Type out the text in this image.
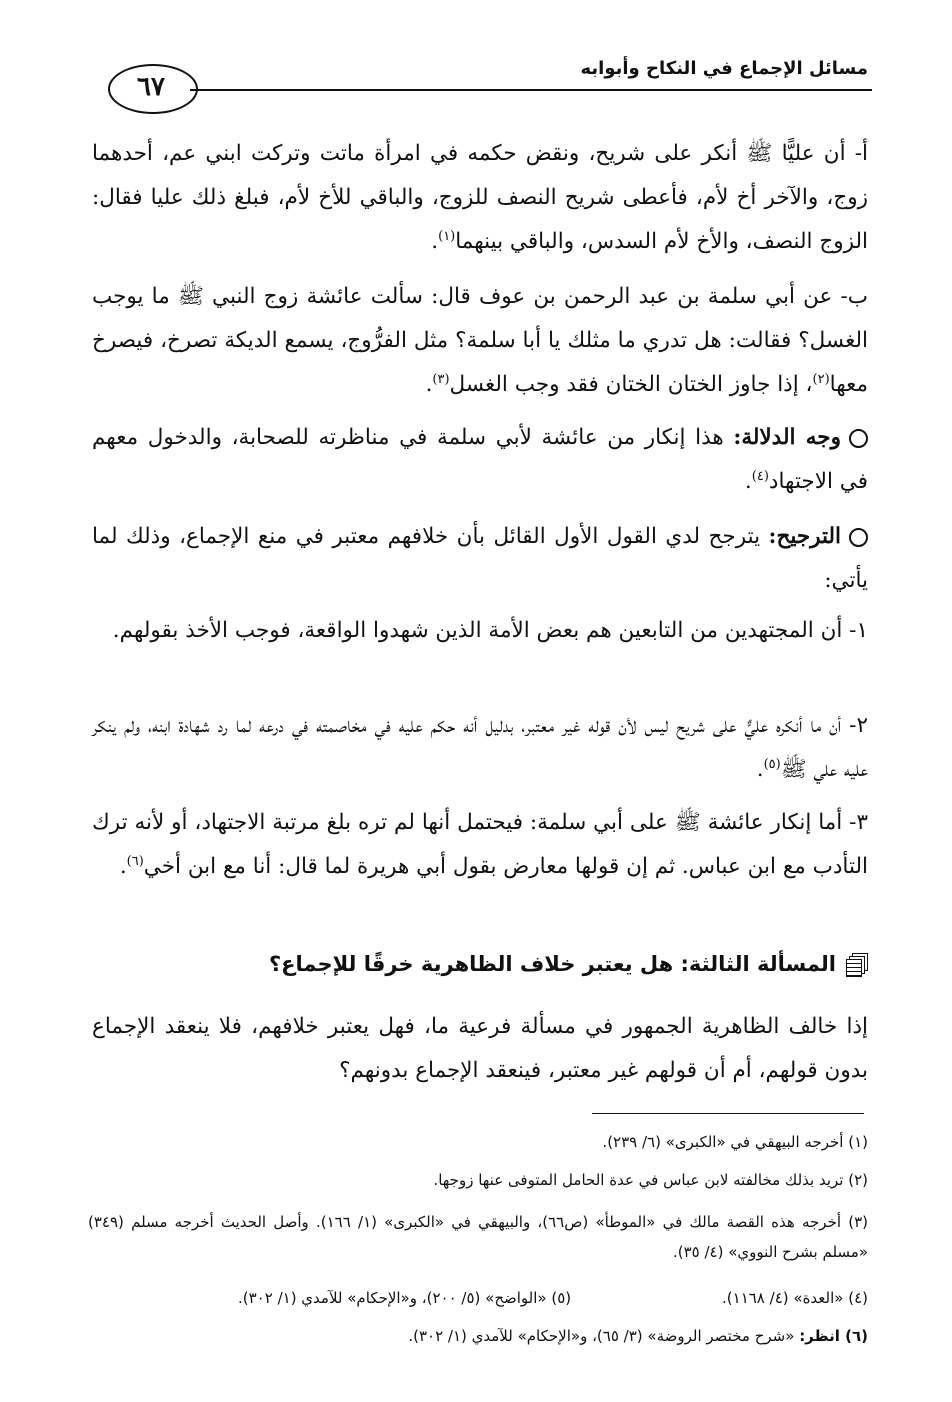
مسائل الإجماع في النكاح وأبوابه
٦٧
أ- أن عليًّا ﷺ أنكر على شريح، ونقض حكمه في امرأة ماتت وتركت ابني عم، أحدهما زوج، والآخر أخ لأم، فأعطى شريح النصف للزوج، والباقي للأخ لأم، فبلغ ذلك عليا فقال: الزوج النصف، والأخ لأم السدس، والباقي بينهما$^{(١)}$.
ب- عن أبي سلمة بن عبد الرحمن بن عوف قال: سألت عائشة زوج النبي ﷺ ما يوجب الغسل؟ فقالت: هل تدري ما مثلك يا أبا سلمة؟ مثل الفرُّوج، يسمع الديكة تصرخ، فيصرخ معها$^{(٢)}$، إذا جاوز الختان الختان فقد وجب الغسل$^{(٣)}$.
وجه الدلالة: هذا إنكار من عائشة لأبي سلمة في مناظرته للصحابة، والدخول معهم في الاجتهاد$^{(٤)}$.
الترجيح: يترجح لدي القول الأول القائل بأن خلافهم معتبر في منع الإجماع، وذلك لما يأتي:
١- أن المجتهدين من التابعين هم بعض الأمة الذين شهدوا الواقعة، فوجب الأخذ بقولهم.
٢- أن ما أنكره عليٌّ على شريح ليس لأن قوله غير معتبر، بدليل أنه حكم عليه في مخاصمته في درعه لما رد شهادة ابنه، ولم ينكر عليه علي ﷺ$^{(٥)}$.
٣- أما إنكار عائشة ﷺ على أبي سلمة: فيحتمل أنها لم تره بلغ مرتبة الاجتهاد، أو لأنه ترك التأدب مع ابن عباس. ثم إن قولها معارض بقول أبي هريرة لما قال: أنا مع ابن أخي$^{(٦)}$.
المسألة الثالثة: هل يعتبر خلاف الظاهرية خرقًا للإجماع؟
إذا خالف الظاهرية الجمهور في مسألة فرعية ما، فهل يعتبر خلافهم، فلا ينعقد الإجماع بدون قولهم، أم أن قولهم غير معتبر، فينعقد الإجماع بدونهم؟
(١) أخرجه البيهقي في «الكبرى» (٦/ ٢٣٩).
(٢) تريد بذلك مخالفته لابن عباس في عدة الحامل المتوفى عنها زوجها.
(٣) أخرجه هذه القصة مالك في «الموطأ» (ص٦٦)، والبيهقي في «الكبرى» (١/ ١٦٦). وأصل الحديث أخرجه مسلم (٣٤٩) «مسلم بشرح النووي» (٤/ ٣٥).
(٤) «العدة» (٤/ ١١٦٨).
(٥) «الواضح» (٥/ ٢٠٠)، و«الإحكام» للآمدي (١/ ٣٠٢).
(٦) انظر: «شرح مختصر الروضة» (٣/ ٦٥)، و«الإحكام» للآمدي (١/ ٣٠٢).
